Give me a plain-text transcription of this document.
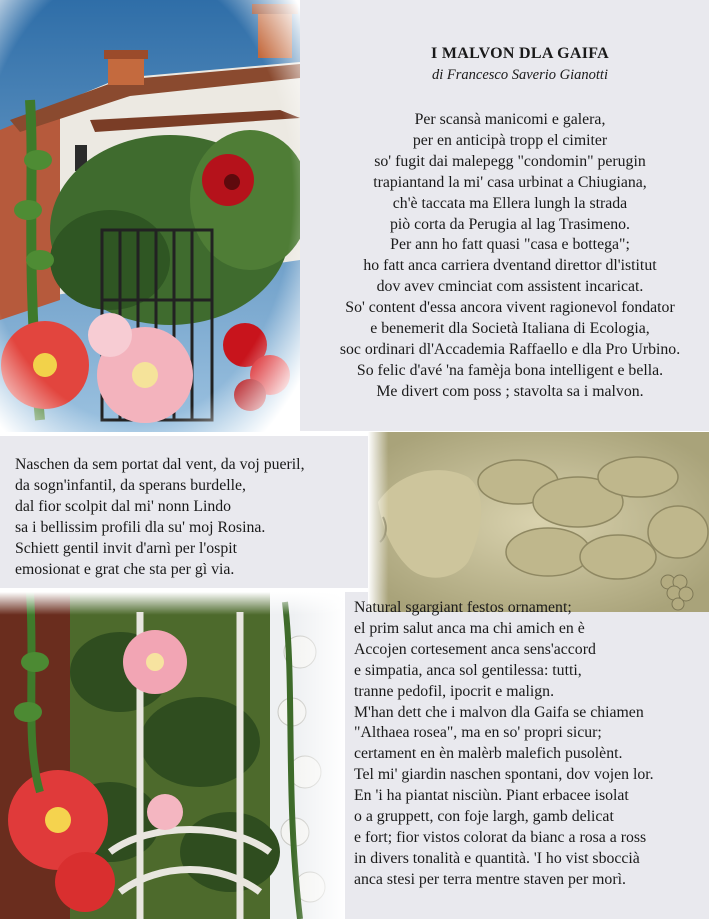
I MALVON DLA GAIFA
di Francesco Saverio Gianotti
Per scansà manicomi e galera,
per en anticipà tropp el cimiter
so' fugit dai malepegg "condomin" perugin
trapiantand la mi' casa urbinat a Chiugiana,
ch'è taccata ma Ellera lungh la strada
piò corta da Perugia al lag Trasimeno.
Per ann ho fatt quasi "casa e bottega";
ho fatt anca carriera dventand direttor dl'istitut
dov avev cminciat com assistent incaricat.
So' content d'essa ancora vivent ragionevol fondator
e benemerit dla Società Italiana di Ecologia,
soc ordinari dl'Accademia Raffaello e dla Pro Urbino.
So felic d'avé 'na famèja bona intelligent e bella.
Me divert com poss ; stavolta sa i malvon.
Naschen da sem portat dal vent, da voj pueril,
da sogn'infantil, da sperans burdelle,
dal fior scolpit dal mi' nonn Lindo
sa i bellissim profili dla su' moj Rosina.
Schiett gentil invit d'arnì per l'ospit
emosionat e grat che sta per gì via.
Natural sgargiant festos ornament;
el prim salut anca ma chi amich en è
Accojen cortesement anca sens'accord
e simpatia, anca sol gentilessa: tutti,
tranne pedofil, ipocrit e malign.
M'han dett che i malvon dla Gaifa se chiamen
"Althaea rosea", ma en so' propri sicur;
certament en èn malèrb malefich pusolènt.
Tel mi' giardin naschen spontani, dov vojen lor.
En 'i ha piantat nisciùn. Piant erbacee isolat
o a gruppett, con foje largh, gamb delicat
e fort; fior vistos colorat da bianc a rosa a ross
in divers tonalità e quantità. 'I ho vist sboccià
anca stesi per terra mentre staven per morì.
